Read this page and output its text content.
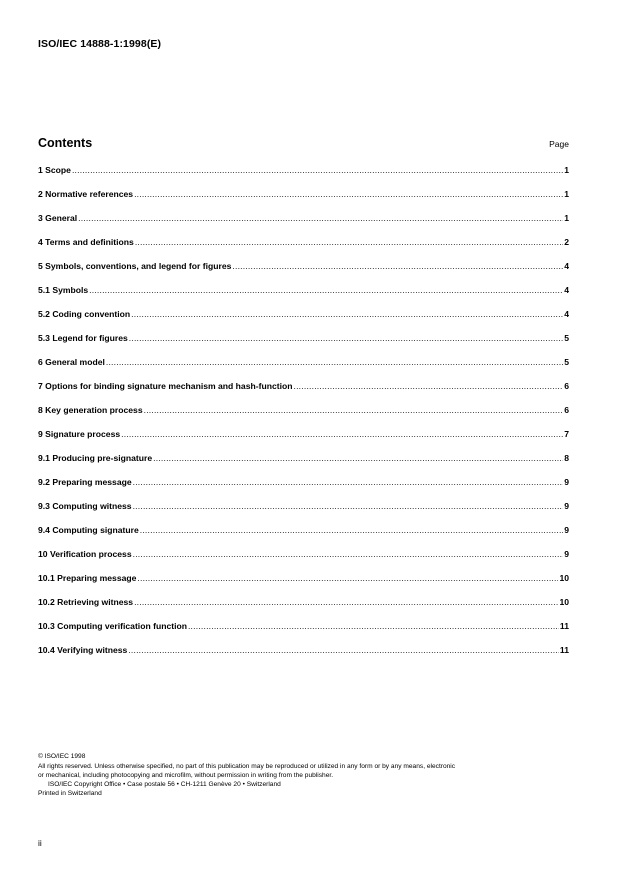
ISO/IEC 14888-1:1998(E)
Contents	Page
1 Scope .....	1
2 Normative references .....	1
3 General .....	1
4 Terms and definitions .....	2
5 Symbols, conventions, and legend for figures .....	4
5.1 Symbols .....	4
5.2 Coding convention .....	4
5.3 Legend for figures .....	5
6 General model .....	5
7 Options for binding signature mechanism and hash-function .....	6
8 Key generation process .....	6
9 Signature process .....	7
9.1 Producing pre-signature .....	8
9.2 Preparing message .....	9
9.3 Computing witness .....	9
9.4 Computing signature .....	9
10 Verification process .....	9
10.1 Preparing message .....	10
10.2 Retrieving witness .....	10
10.3 Computing verification function .....	11
10.4 Verifying witness .....	11
© ISO/IEC 1998
All rights reserved. Unless otherwise specified, no part of this publication may be reproduced or utilized in any form or by any means, electronic
or mechanical, including photocopying and microfilm, without permission in writing from the publisher.
ISO/IEC Copyright Office • Case postale 56 • CH-1211 Genève 20 • Switzerland
Printed in Switzerland
ii
